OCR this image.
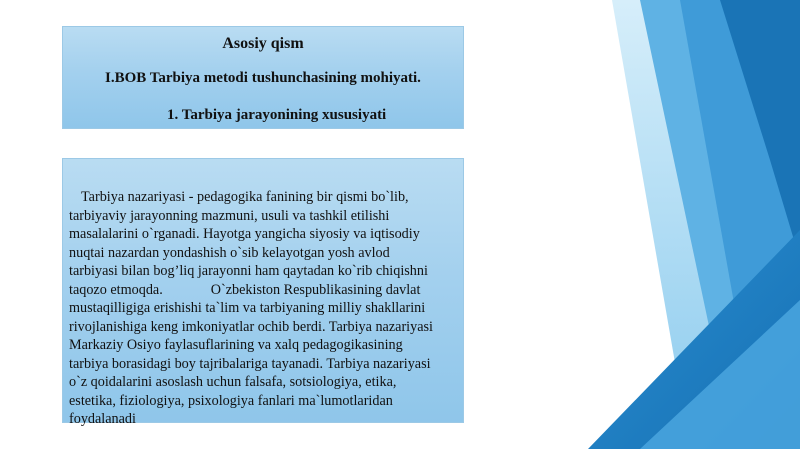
Asosiy qism

I.BOB Tarbiya metodi tushunchasining mohiyati.

1. Tarbiya jarayonining xususiyati

Tarbiya nazariyasi - pedagogika fanining bir qismi bo`lib,
tarbiyaviy jarayonning mazmuni, usuli va tashkil etilishi
masalalarini o`rganadi. Hayotga yangicha siyosiy va iqtisodiy
nuqtai nazardan yondashish o`sib kelayotgan yosh avlod
tarbiyasi bilan bog’liq jarayonni ham qaytadan ko`rib chiqishni
taqozo etmoqda.	O`zbekiston Respublikasining davlat
mustaqilligiga erishishi ta`lim va tarbiyaning milliy shakllarini
rivojlanishiga keng imkoniyatlar ochib berdi. Tarbiya nazariyasi
Markaziy Osiyo faylasuflarining va xalq pedagogikasining
tarbiya borasidagi boy tajribalariga tayanadi. Tarbiya nazariyasi
o`z qoidalarini asoslash uchun falsafa, sotsiologiya, etika,
estetika, fiziologiya, psixologiya fanlari ma`lumotlaridan
foydalanadi
